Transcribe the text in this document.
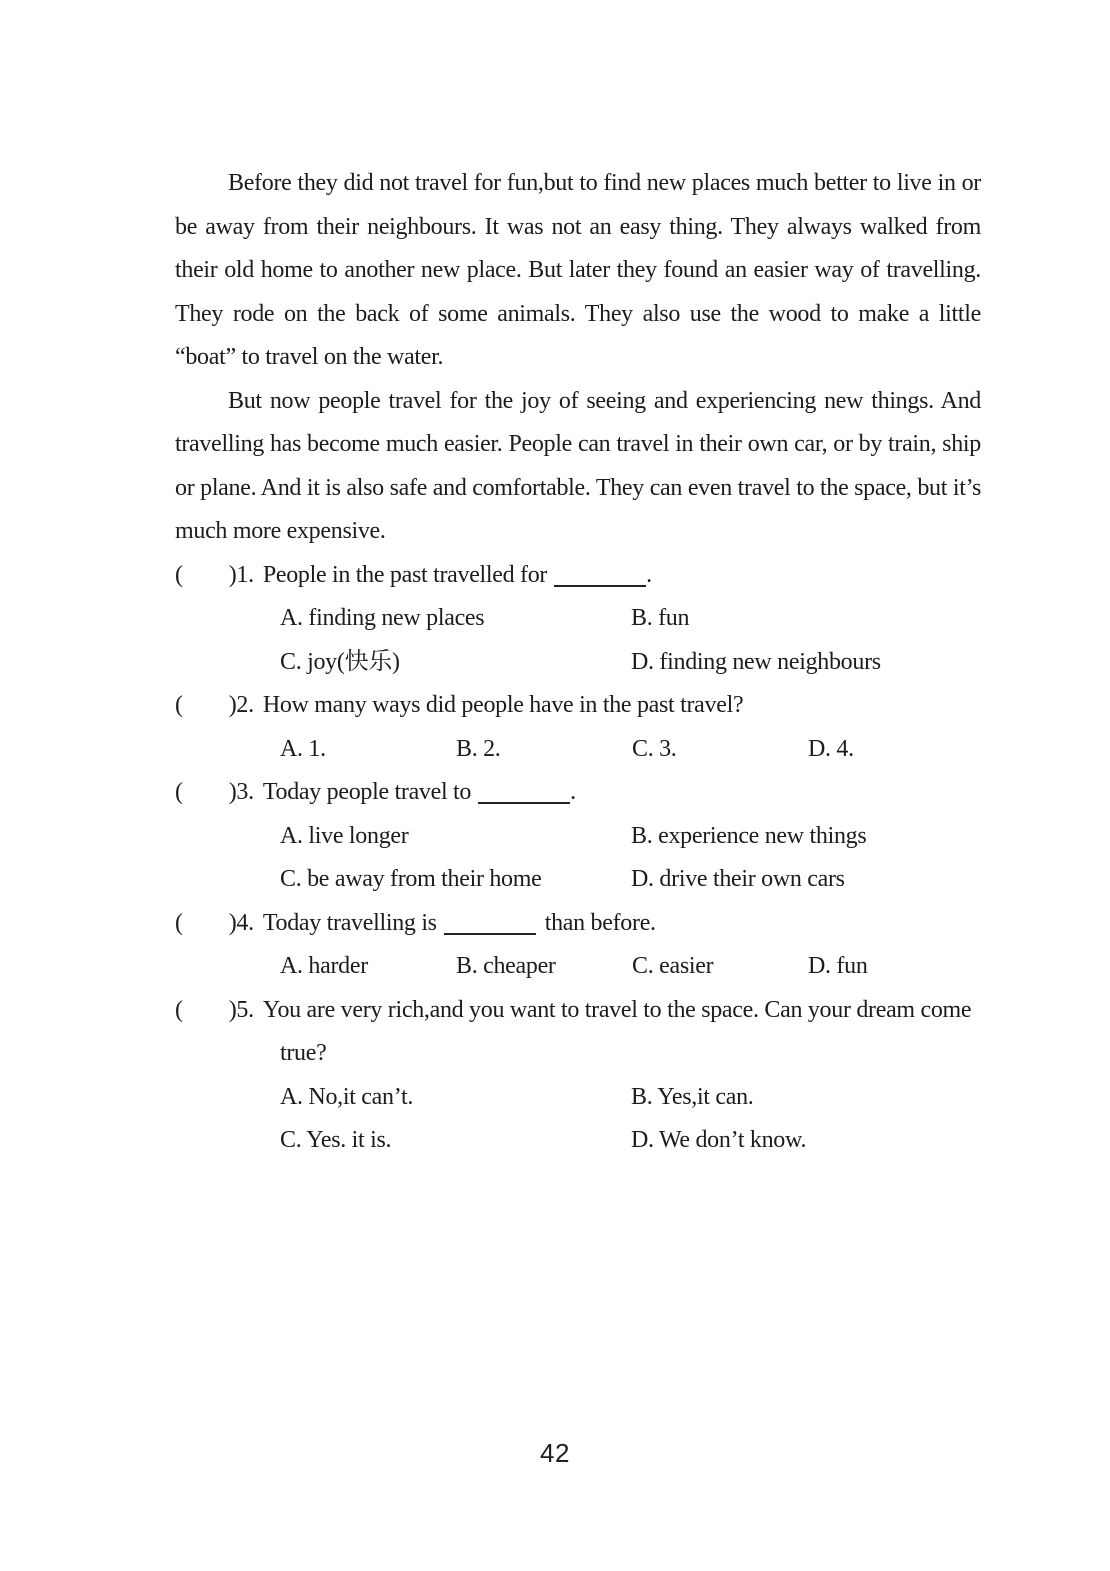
Before they did not travel for fun,but to find new places much better to live in or be away from their neighbours. It was not an easy thing. They always walked from their old home to another new place. But later they found an easier way of travelling. They rode on the back of some animals. They also use the wood to make a little “boat” to travel on the water.

But now people travel for the joy of seeing and experiencing new things. And travelling has become much easier. People can travel in their own car, or by train, ship or plane. And it is also safe and comfortable. They can even travel to the space, but it’s much more expensive.

( )1. People in the past travelled for	.
A. finding new places	B. fun
C. joy(快乐)	D. finding new neighbours
( )2. How many ways did people have in the past travel?
A. 1.	B. 2.	C. 3.	D. 4.
( )3. Today people travel to	.
A. live longer	B. experience new things
C. be away from their home	D. drive their own cars
( )4. Today travelling is	than before.
A. harder	B. cheaper	C. easier	D. fun
( )5. You are very rich,and you want to travel to the space. Can your dream come true?
A. No,it can’t.	B. Yes,it can.
C. Yes. it is.	D. We don’t know.
42
